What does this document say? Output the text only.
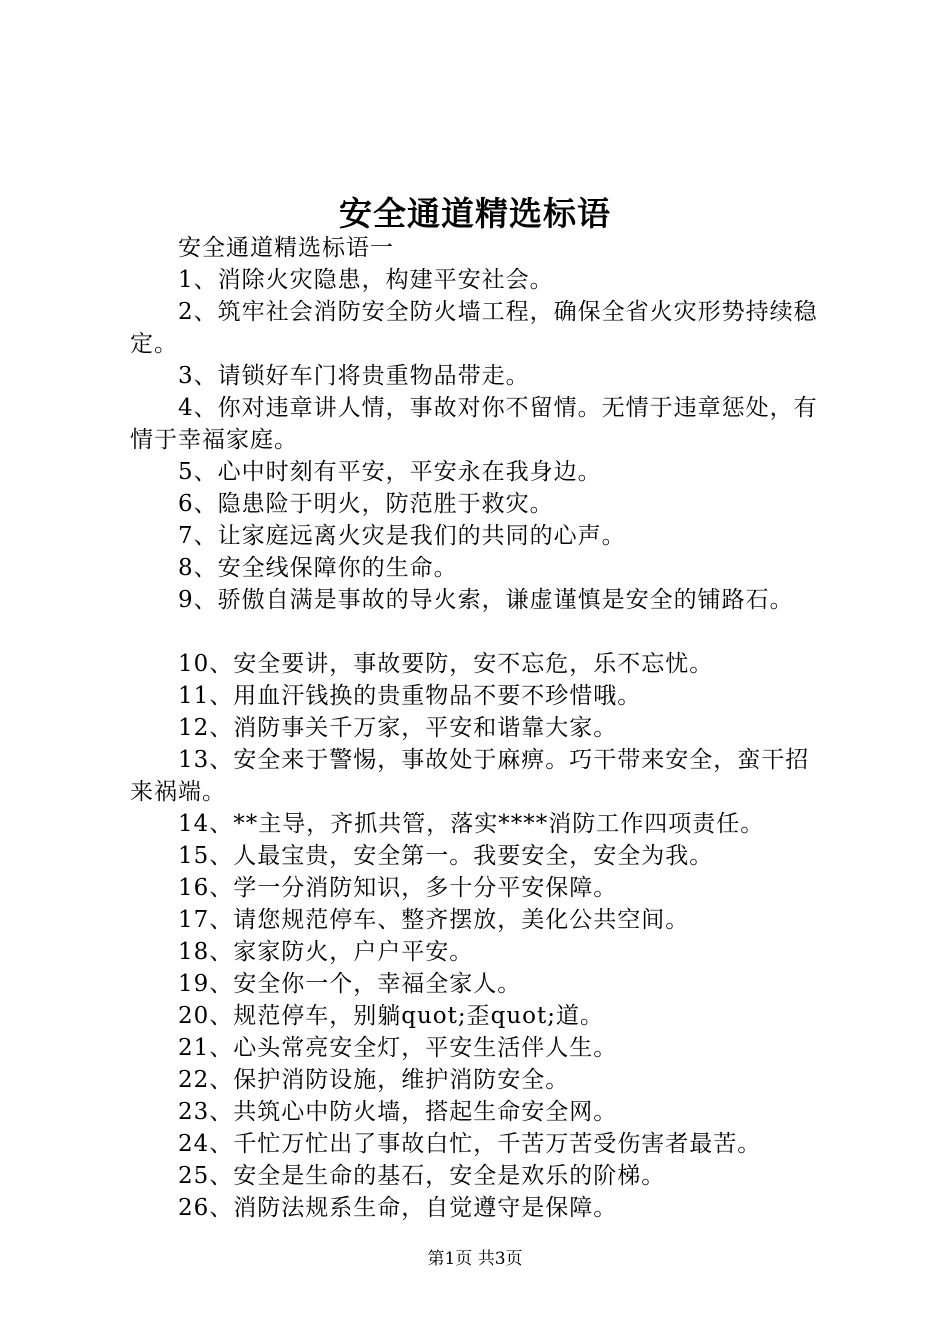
安全通道精选标语

安全通道精选标语一

1、消除火灾隐患，构建平安社会。

2、筑牢社会消防安全防火墙工程，确保全省火灾形势持续稳定。

3、请锁好车门将贵重物品带走。

4、你对违章讲人情，事故对你不留情。无情于违章惩处，有情于幸福家庭。

5、心中时刻有平安，平安永在我身边。

6、隐患险于明火，防范胜于救灾。

7、让家庭远离火灾是我们的共同的心声。

8、安全线保障你的生命。

9、骄傲自满是事故的导火索，谦虚谨慎是安全的铺路石。

10、安全要讲，事故要防，安不忘危，乐不忘忧。

11、用血汗钱换的贵重物品不要不珍惜哦。

12、消防事关千万家，平安和谐靠大家。

13、安全来于警惕，事故处于麻痹。巧干带来安全，蛮干招来祸端。

14、**主导，齐抓共管，落实****消防工作四项责任。

15、人最宝贵，安全第一。我要安全，安全为我。

16、学一分消防知识，多十分平安保障。

17、请您规范停车、整齐摆放，美化公共空间。

18、家家防火，户户平安。

19、安全你一个，幸福全家人。

20、规范停车，别躺quot;歪quot;道。

21、心头常亮安全灯，平安生活伴人生。

22、保护消防设施，维护消防安全。

23、共筑心中防火墙，搭起生命安全网。

24、千忙万忙出了事故白忙，千苦万苦受伤害者最苦。

25、安全是生命的基石，安全是欢乐的阶梯。

26、消防法规系生命，自觉遵守是保障。

第1页 共3页
